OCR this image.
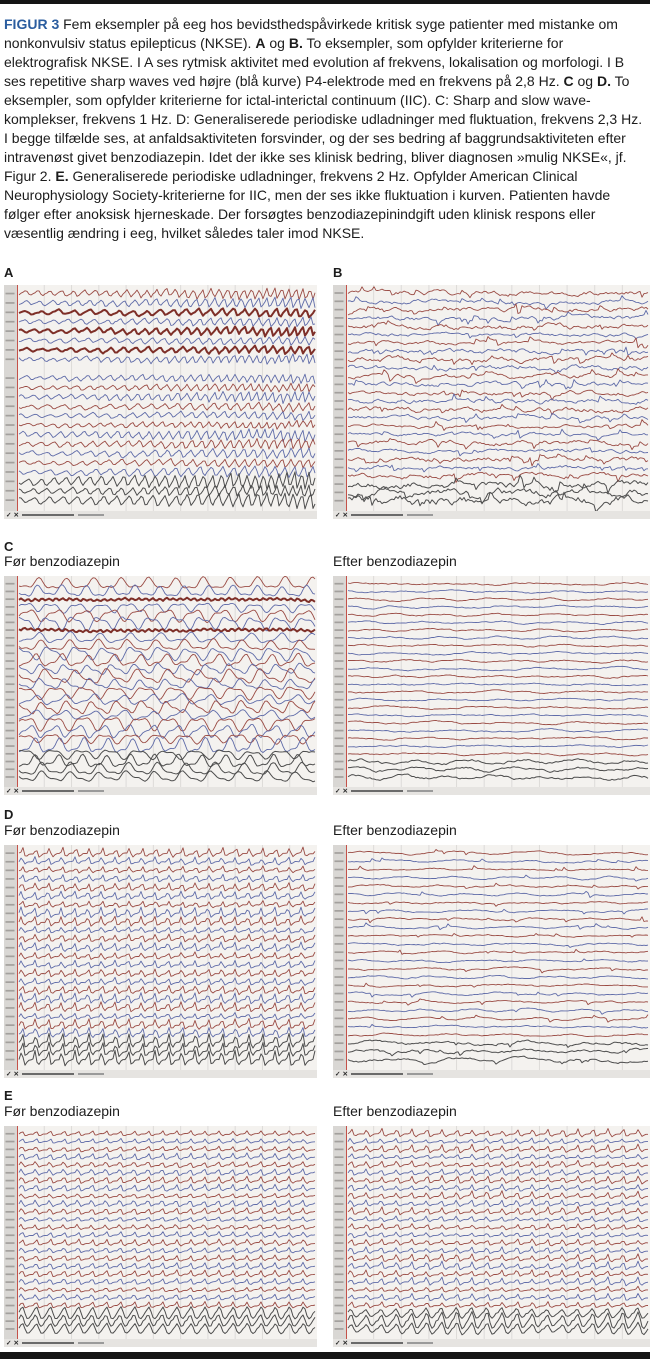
FIGUR 3 Fem eksempler på eeg hos bevidsthedspåvirkede kritisk syge patienter med mistanke om nonkonvulsiv status epilepticus (NKSE). A og B. To eksempler, som opfylder kriterierne for elektrografisk NKSE. I A ses rytmisk aktivitet med evolution af frekvens, lokalisation og morfologi. I B ses repetitive sharp waves ved højre (blå kurve) P4-elektrode med en frekvens på 2,8 Hz. C og D. To eksempler, som opfylder kriterierne for ictal-interictal continuum (IIC). C: Sharp and slow wave-komplekser, frekvens 1 Hz. D: Generaliserede periodiske udladninger med fluktuation, frekvens 2,3 Hz. I begge tilfælde ses, at anfaldsaktiviteten forsvinder, og der ses bedring af baggrundsaktiviteten efter intravenøst givet benzodiazepin. Idet der ikke ses klinisk bedring, bliver diagnosen »mulig NKSE«, jf. Figur 2. E. Generaliserede periodiske udladninger, frekvens 2 Hz. Opfylder American Clinical Neurophysiology Society-kriterierne for IIC, men der ses ikke fluktuation i kurven. Patienten havde følger efter anoksisk hjerneskade. Der forsøgtes benzodiazepinindgift uden klinisk respons eller væsentlig ændring i eeg, hvilket således taler imod NKSE.

A	B
✓ ✕	✓ ✕
C
Før benzodiazepin	Efter benzodiazepin
✓ ✕	✓ ✕
D
Før benzodiazepin	Efter benzodiazepin
✓ ✕	✓ ✕
E
Før benzodiazepin	Efter benzodiazepin
✓ ✕	✓ ✕
